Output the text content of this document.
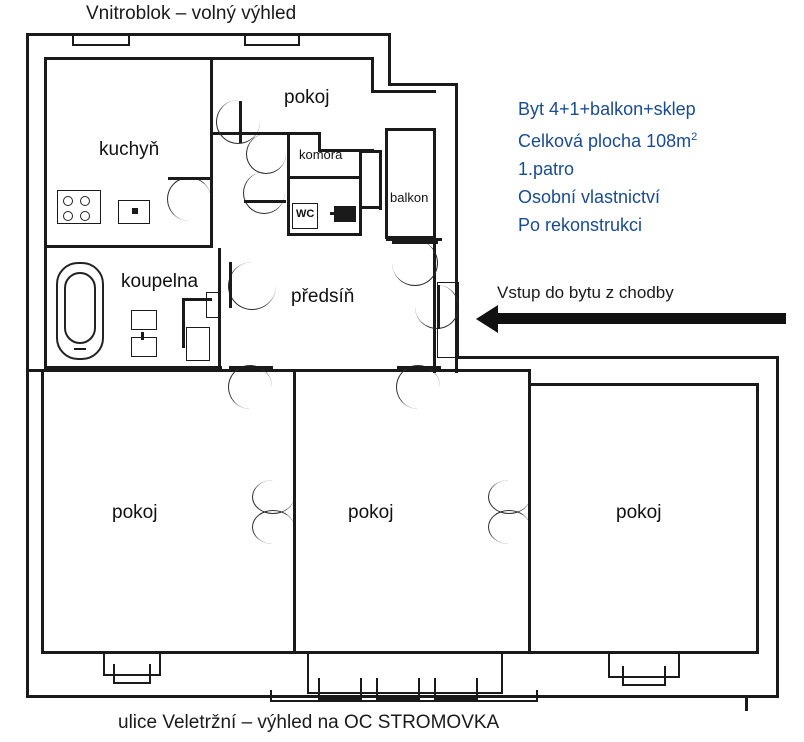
Vnitroblok – volný výhled
Byt 4+1+balkon+sklep
Celková plocha $108m^2$
1.patro
Osobní vlastnictví
Po rekonstrukci
Vstup do bytu z chodby
kuchyň
pokoj
komora
balkon
WC
koupelna
předsíň
pokoj	pokoj	pokoj
ulice Veletržní – výhled na OC STROMOVKA
